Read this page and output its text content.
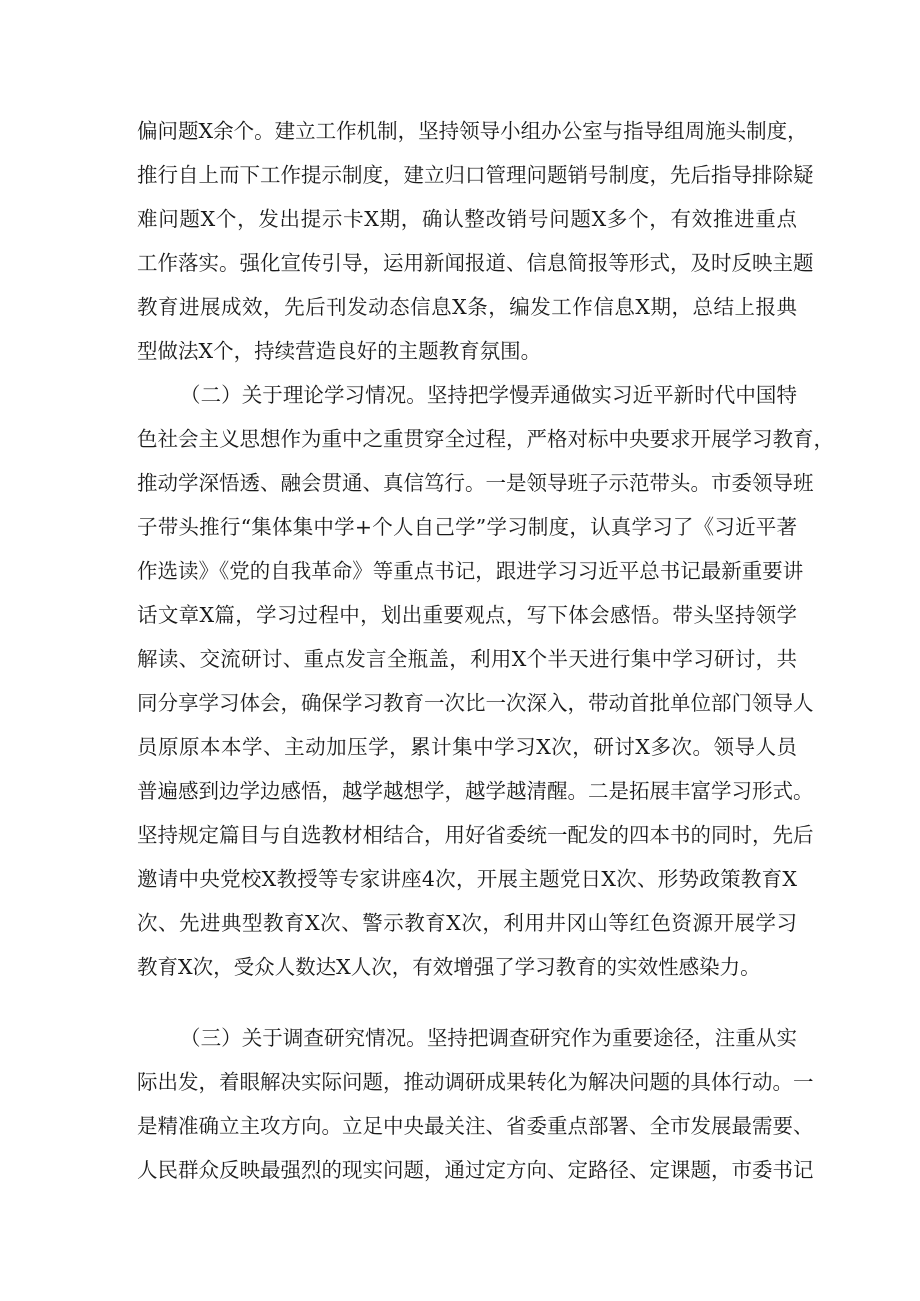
偏问题X余个。建立工作机制，坚持领导小组办公室与指导组周施头制度，
推行自上而下工作提示制度，建立归口管理问题销号制度，先后指导排除疑
难问题X个，发出提示卡X期，确认整改销号问题X多个，有效推进重点
工作落实。强化宣传引导，运用新闻报道、信息简报等形式，及时反映主题
教育进展成效，先后刊发动态信息X条，编发工作信息X期，总结上报典
型做法X个，持续营造良好的主题教育氛围。
（二）关于理论学习情况。坚持把学慢弄通做实习近平新时代中国特
色社会主义思想作为重中之重贯穿全过程，严格对标中央要求开展学习教育，
推动学深悟透、融会贯通、真信笃行。一是领导班子示范带头。市委领导班
子带头推行“集体集中学+个人自己学”学习制度，认真学习了《习近平著
作选读》《党的自我革命》等重点书记，跟进学习习近平总书记最新重要讲
话文章X篇，学习过程中，划出重要观点，写下体会感悟。带头坚持领学
解读、交流研讨、重点发言全瓶盖，利用X个半天进行集中学习研讨，共
同分享学习体会，确保学习教育一次比一次深入，带动首批单位部门领导人
员原原本本学、主动加压学，累计集中学习X次，研讨X多次。领导人员
普遍感到边学边感悟，越学越想学，越学越清醒。二是拓展丰富学习形式。
坚持规定篇目与自选教材相结合，用好省委统一配发的四本书的同时，先后
邀请中央党校X教授等专家讲座4次，开展主题党日X次、形势政策教育X
次、先进典型教育X次、警示教育X次，利用井冈山等红色资源开展学习
教育X次，受众人数达X人次，有效增强了学习教育的实效性感染力。
（三）关于调查研究情况。坚持把调查研究作为重要途径，注重从实
际出发，着眼解决实际问题，推动调研成果转化为解决问题的具体行动。一
是精准确立主攻方向。立足中央最关注、省委重点部署、全市发展最需要、
人民群众反映最强烈的现实问题，通过定方向、定路径、定课题，市委书记
